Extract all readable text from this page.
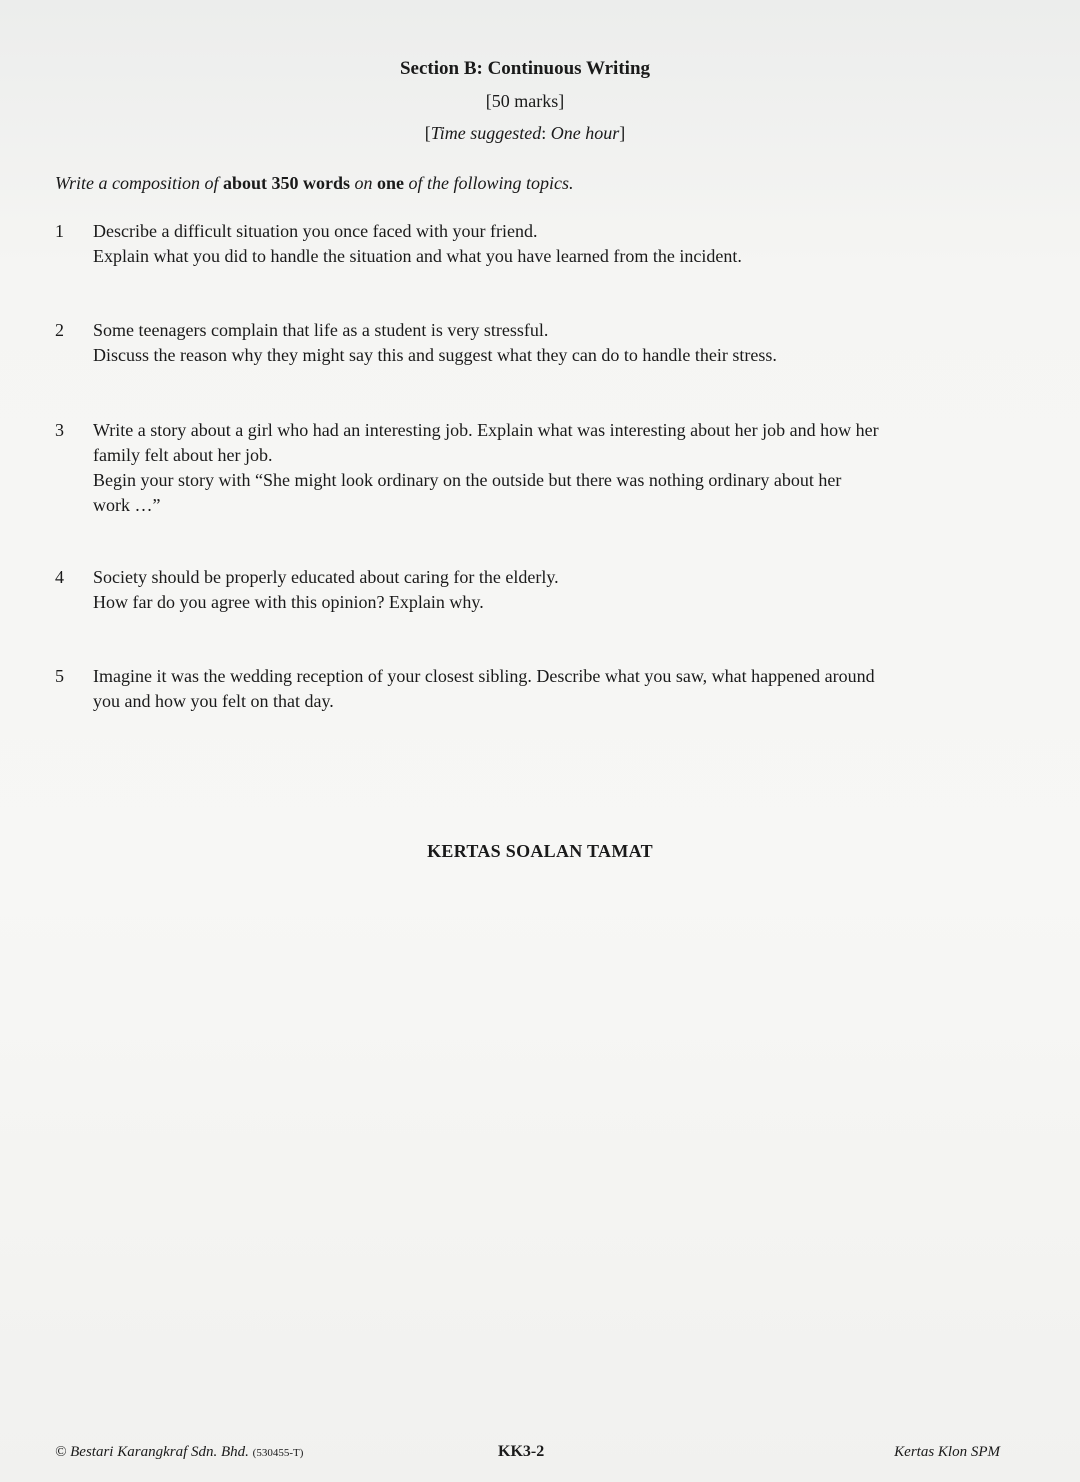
Section B: Continuous Writing
[50 marks]
[Time suggested: One hour]
Write a composition of about 350 words on one of the following topics.
1	Describe a difficult situation you once faced with your friend.
Explain what you did to handle the situation and what you have learned from the incident.
2	Some teenagers complain that life as a student is very stressful.
Discuss the reason why they might say this and suggest what they can do to handle their stress.
3	Write a story about a girl who had an interesting job. Explain what was interesting about her job and how her
family felt about her job.
Begin your story with “She might look ordinary on the outside but there was nothing ordinary about her
work …”
4	Society should be properly educated about caring for the elderly.
How far do you agree with this opinion? Explain why.
5	Imagine it was the wedding reception of your closest sibling. Describe what you saw, what happened around
you and how you felt on that day.
KERTAS SOALAN TAMAT
© Bestari Karangkraf Sdn. Bhd. (530455-T)	KK3-2	Kertas Klon SPM
